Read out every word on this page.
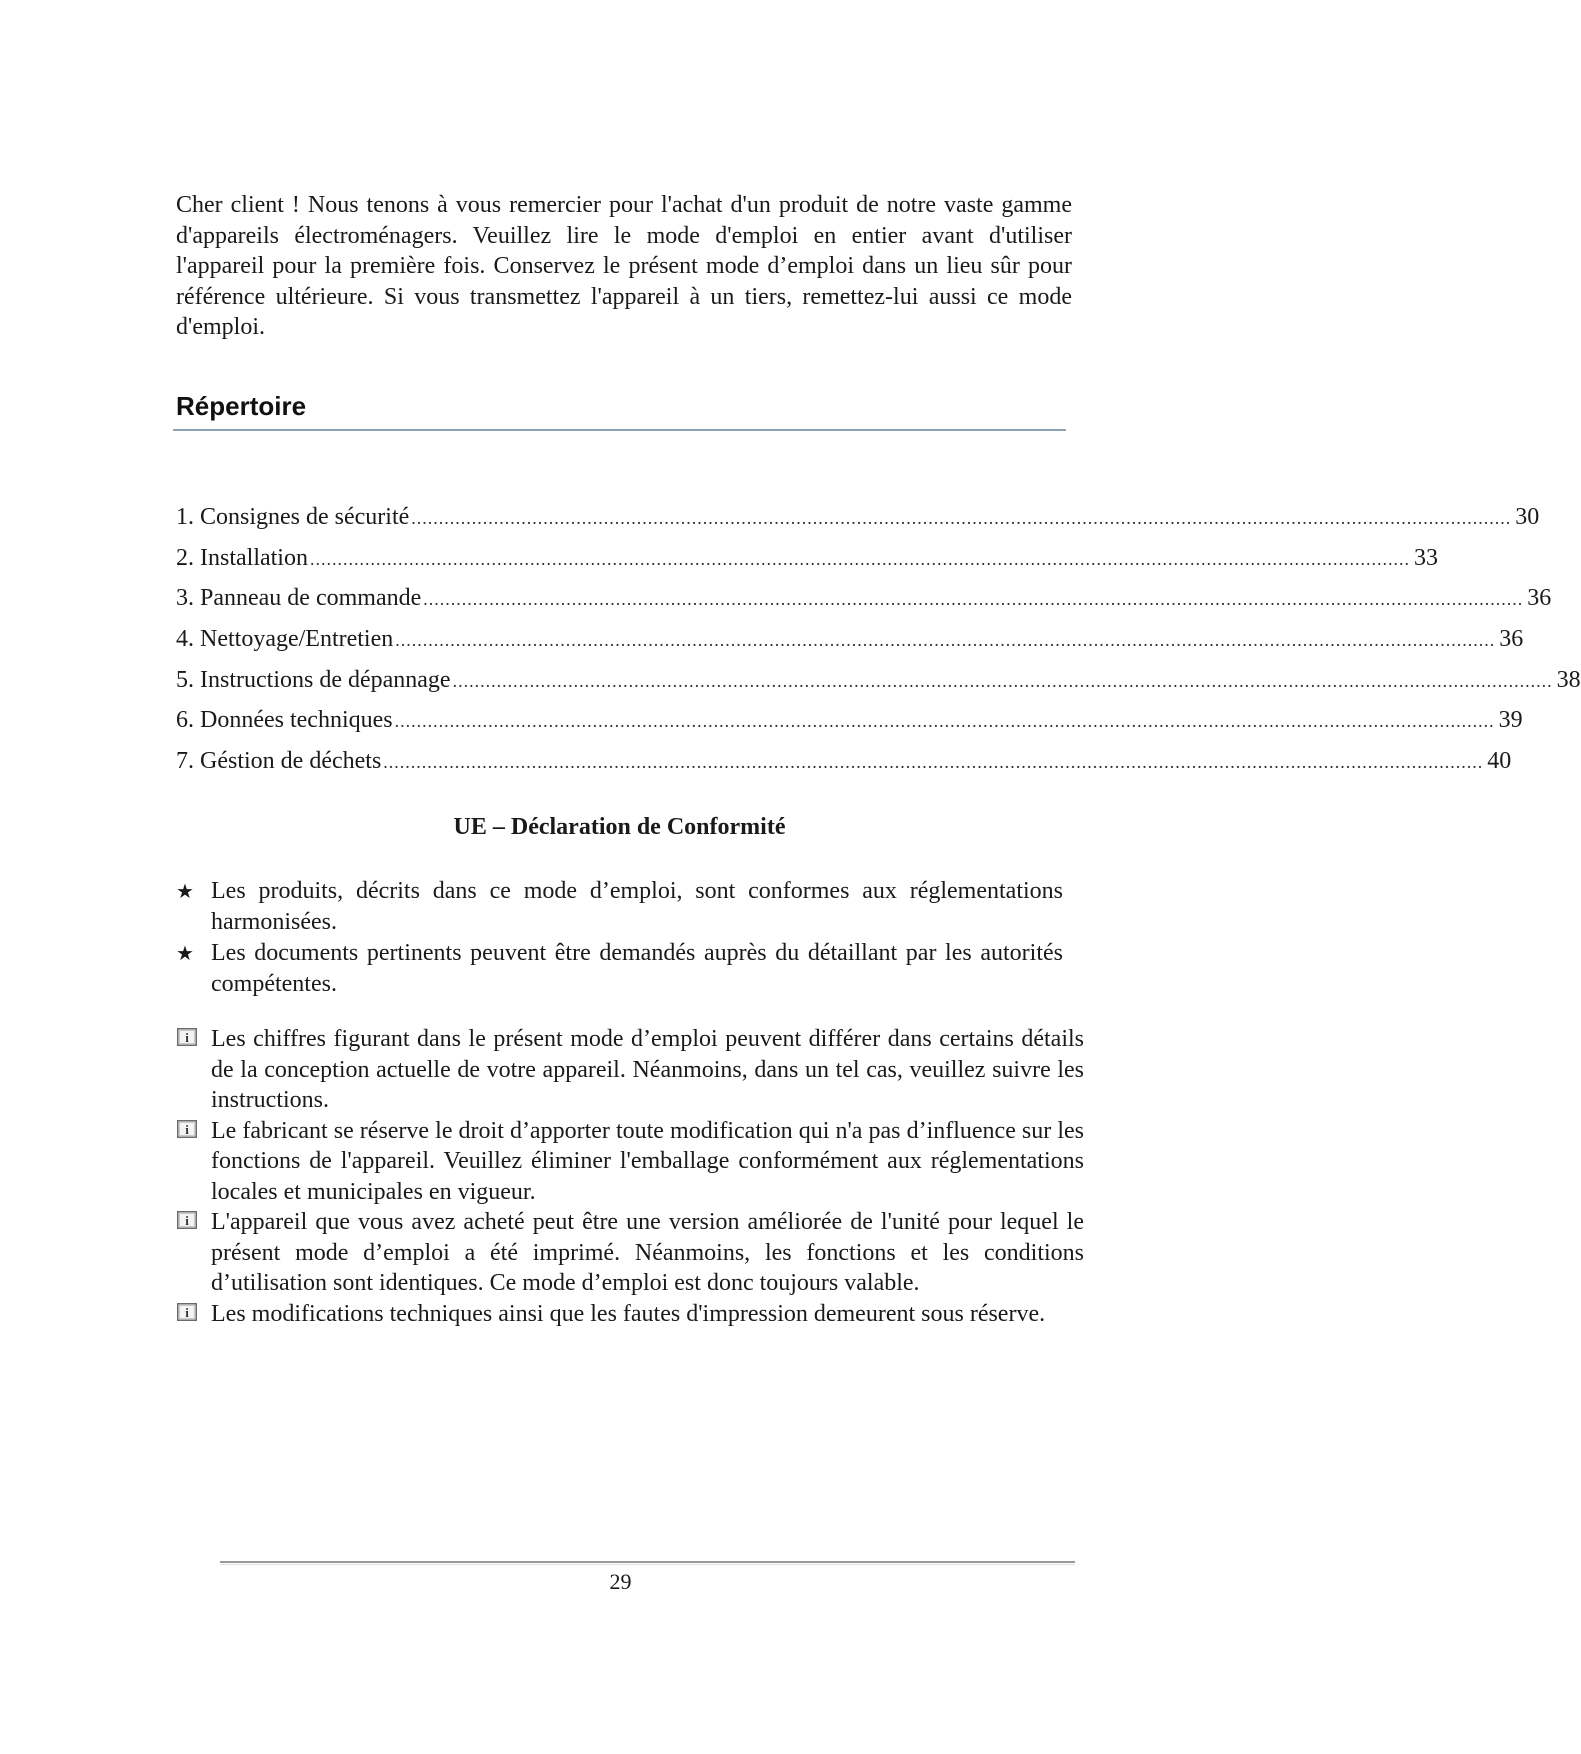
Cher client ! Nous tenons à vous remercier pour l'achat d'un produit de notre vaste gamme d'appareils électroménagers. Veuillez lire le mode d'emploi en entier avant d'utiliser l'appareil pour la première fois. Conservez le présent mode d’emploi dans un lieu sûr pour référence ultérieure. Si vous transmettez l'appareil à un tiers, remettez-lui aussi ce mode d'emploi.

Répertoire
1. Consignes de sécurité ........................................................................................................................................................................................................ 30
2. Installation ........................................................................................................................................................................................................ 33
3. Panneau de commande ........................................................................................................................................................................................................ 36
4. Nettoyage/Entretien ........................................................................................................................................................................................................ 36
5. Instructions de dépannage ........................................................................................................................................................................................................ 38
6. Données techniques ........................................................................................................................................................................................................ 39
7. Géstion de déchets ........................................................................................................................................................................................................ 40
UE – Déclaration de Conformité
★ Les produits, décrits dans ce mode d’emploi, sont conformes aux réglementations harmonisées.
★ Les documents pertinents peuvent être demandés auprès du détaillant par les autorités compétentes.
i Les chiffres figurant dans le présent mode d’emploi peuvent différer dans certains détails de la conception actuelle de votre appareil. Néanmoins, dans un tel cas, veuillez suivre les instructions.
i Le fabricant se réserve le droit d’apporter toute modification qui n'a pas d’influence sur les fonctions de l'appareil. Veuillez éliminer l'emballage conformément aux réglementations locales et municipales en vigueur.
i L'appareil que vous avez acheté peut être une version améliorée de l'unité pour lequel le présent mode d’emploi a été imprimé. Néanmoins, les fonctions et les conditions d’utilisation sont identiques. Ce mode d’emploi est donc toujours valable.
i Les modifications techniques ainsi que les fautes d'impression demeurent sous réserve.

29
